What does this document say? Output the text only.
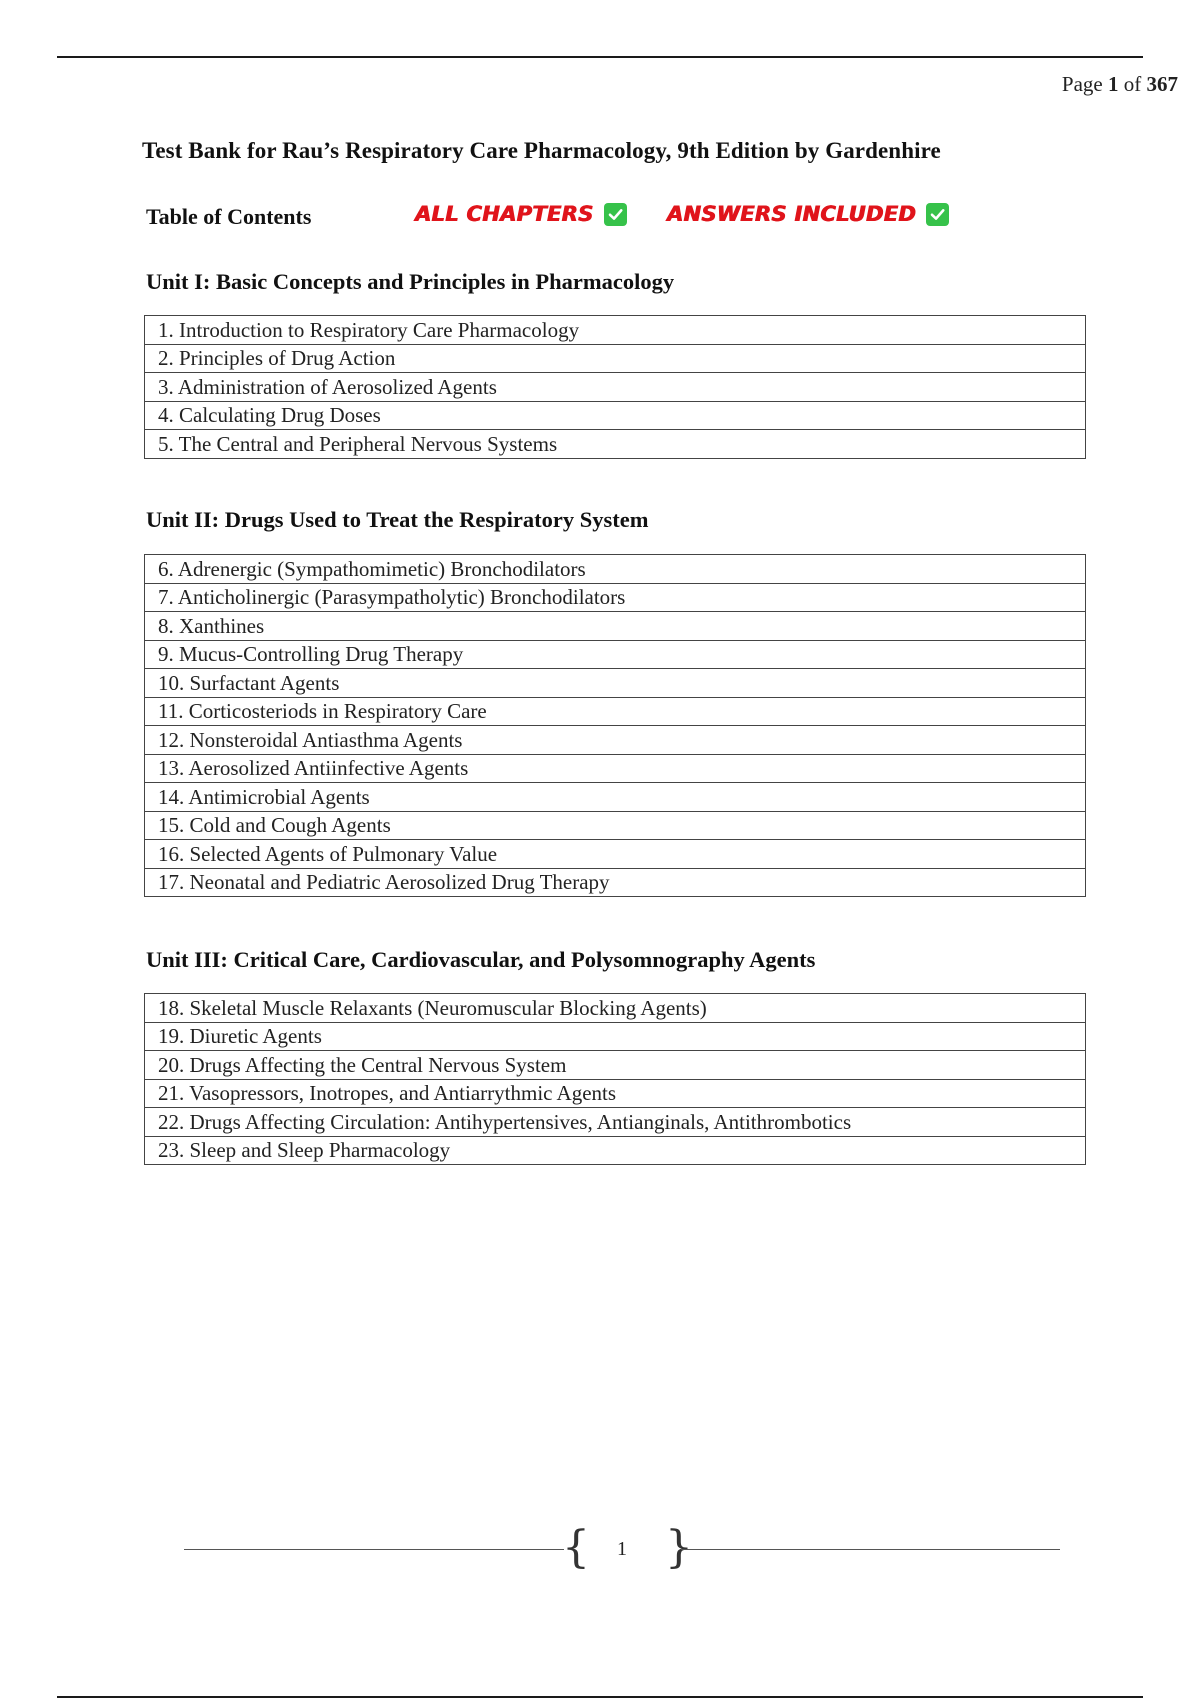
Page 1 of 367
Test Bank for Rau’s Respiratory Care Pharmacology, 9th Edition by Gardenhire
Table of Contents	ALL CHAPTERS	ANSWERS INCLUDED
Unit I: Basic Concepts and Principles in Pharmacology
1. Introduction to Respiratory Care Pharmacology
2. Principles of Drug Action
3. Administration of Aerosolized Agents
4. Calculating Drug Doses
5. The Central and Peripheral Nervous Systems
Unit II: Drugs Used to Treat the Respiratory System
6. Adrenergic (Sympathomimetic) Bronchodilators
7. Anticholinergic (Parasympatholytic) Bronchodilators
8. Xanthines
9. Mucus-Controlling Drug Therapy
10. Surfactant Agents
11. Corticosteriods in Respiratory Care
12. Nonsteroidal Antiasthma Agents
13. Aerosolized Antiinfective Agents
14. Antimicrobial Agents
15. Cold and Cough Agents
16. Selected Agents of Pulmonary Value
17. Neonatal and Pediatric Aerosolized Drug Therapy
Unit III: Critical Care, Cardiovascular, and Polysomnography Agents
18. Skeletal Muscle Relaxants (Neuromuscular Blocking Agents)
19. Diuretic Agents
20. Drugs Affecting the Central Nervous System
21. Vasopressors, Inotropes, and Antiarrythmic Agents
22. Drugs Affecting Circulation: Antihypertensives, Antianginals, Antithrombotics
23. Sleep and Sleep Pharmacology
{ 1 }
